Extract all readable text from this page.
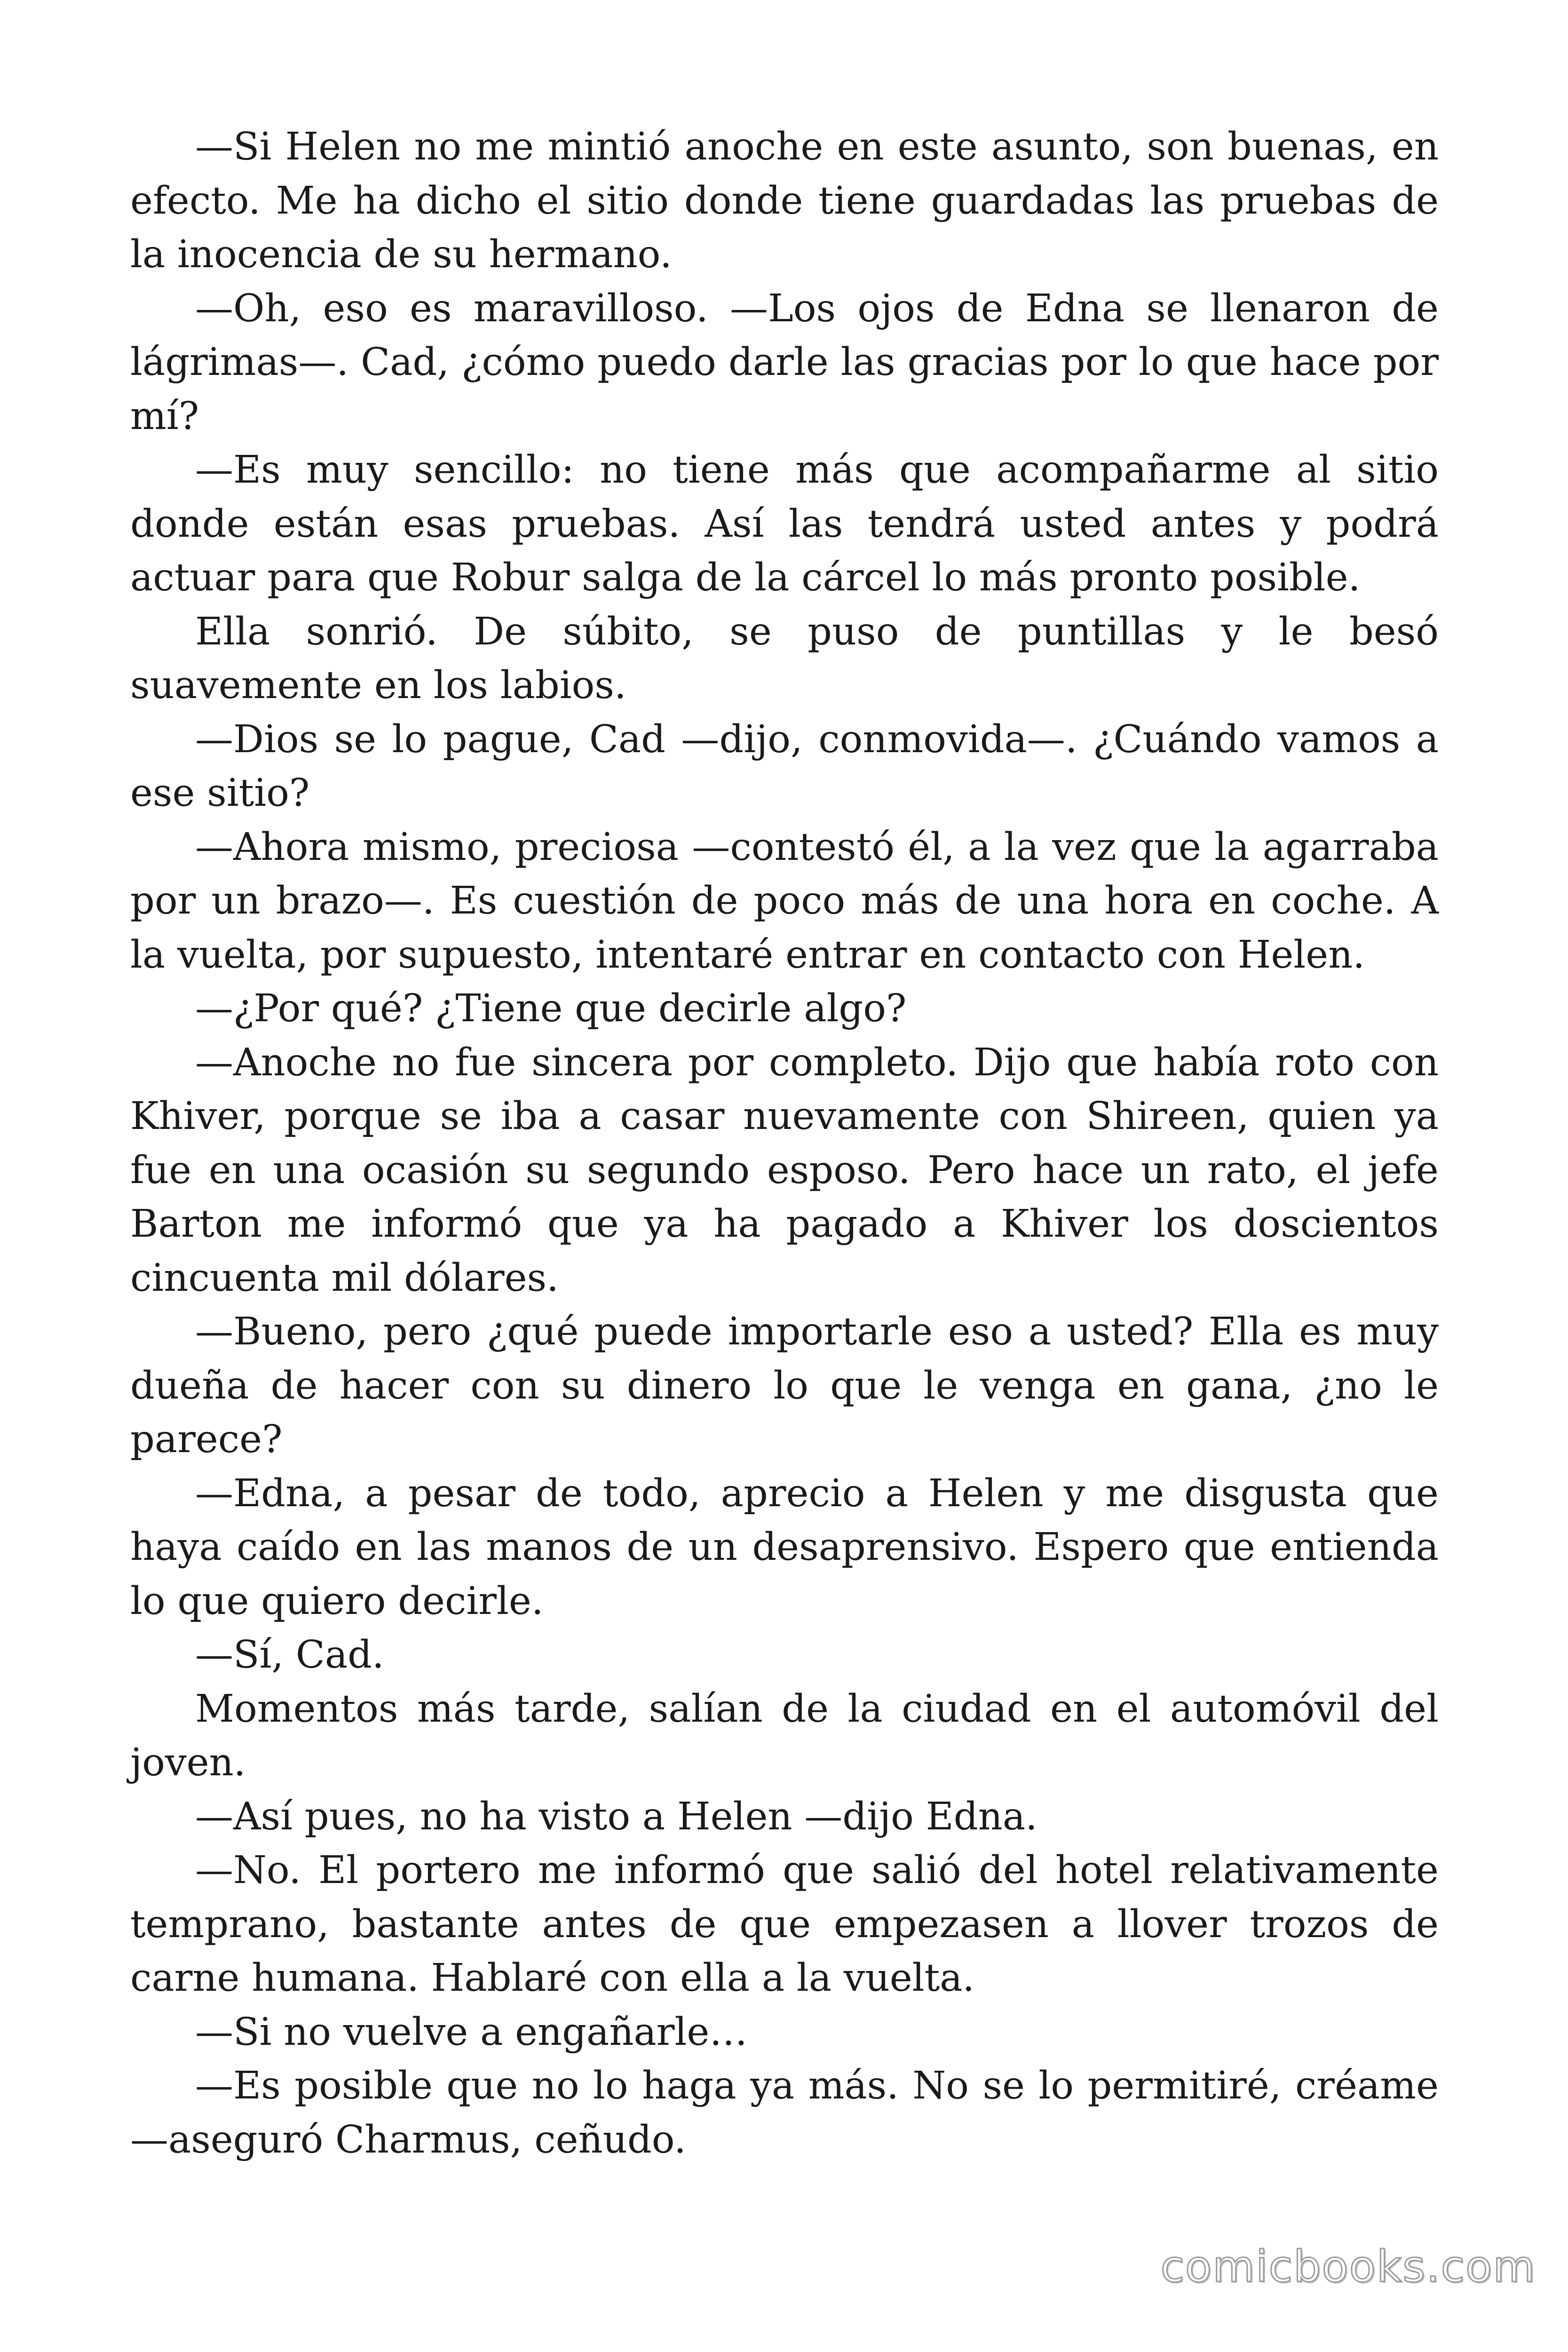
—Si Helen no me mintió anoche en este asunto, son buenas, en efecto. Me ha dicho el sitio donde tiene guardadas las pruebas de la inocencia de su hermano.

—Oh, eso es maravilloso. —Los ojos de Edna se llenaron de lágrimas—. Cad, ¿cómo puedo darle las gracias por lo que hace por mí?

—Es muy sencillo: no tiene más que acompañarme al sitio donde están esas pruebas. Así las tendrá usted antes y podrá actuar para que Robur salga de la cárcel lo más pronto posible.

Ella sonrió. De súbito, se puso de puntillas y le besó suavemente en los labios.

—Dios se lo pague, Cad —dijo, conmovida—. ¿Cuándo vamos a ese sitio?

—Ahora mismo, preciosa —contestó él, a la vez que la agarraba por un brazo—. Es cuestión de poco más de una hora en coche. A la vuelta, por supuesto, intentaré entrar en contacto con Helen.

—¿Por qué? ¿Tiene que decirle algo?

—Anoche no fue sincera por completo. Dijo que había roto con Khiver, porque se iba a casar nuevamente con Shireen, quien ya fue en una ocasión su segundo esposo. Pero hace un rato, el jefe Barton me informó que ya ha pagado a Khiver los doscientos cincuenta mil dólares.

—Bueno, pero ¿qué puede importarle eso a usted? Ella es muy dueña de hacer con su dinero lo que le venga en gana, ¿no le parece?

—Edna, a pesar de todo, aprecio a Helen y me disgusta que haya caído en las manos de un desaprensivo. Espero que entienda lo que quiero decirle.

—Sí, Cad.

Momentos más tarde, salían de la ciudad en el automóvil del joven.

—Así pues, no ha visto a Helen —dijo Edna.

—No. El portero me informó que salió del hotel relativamente temprano, bastante antes de que empezasen a llover trozos de carne humana. Hablaré con ella a la vuelta.

—Si no vuelve a engañarle…

—Es posible que no lo haga ya más. No se lo permitiré, créame —aseguró Charmus, ceñudo.

comicbooks.com
